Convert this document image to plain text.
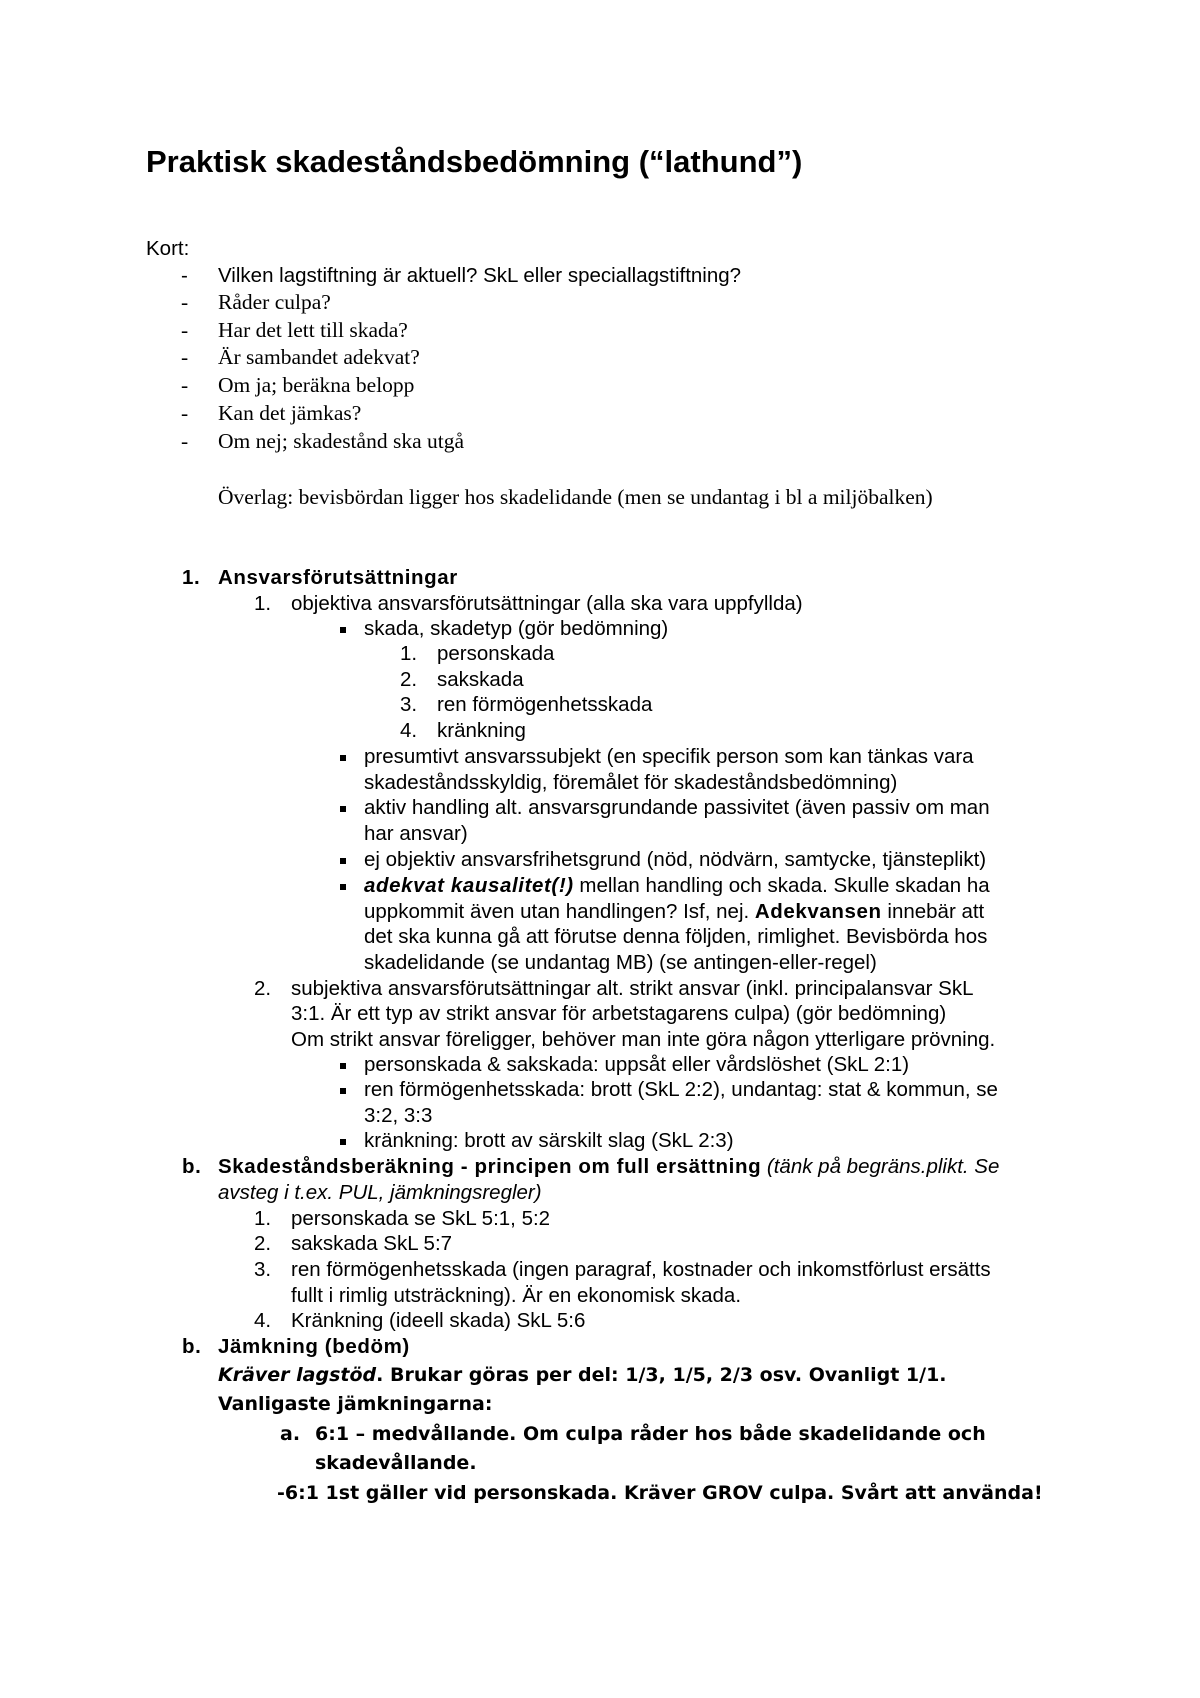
Praktisk skadeståndsbedömning (“lathund”)
Kort:
- Vilken lagstiftning är aktuell? SkL eller speciallagstiftning?
- Råder culpa?
- Har det lett till skada?
- Är sambandet adekvat?
- Om ja; beräkna belopp
- Kan det jämkas?
- Om nej; skadestånd ska utgå
Överlag: bevisbördan ligger hos skadelidande (men se undantag i bl a miljöbalken)
1. Ansvarsförutsättningar
1. objektiva ansvarsförutsättningar (alla ska vara uppfyllda)
skada, skadetyp (gör bedömning)
1. personskada
2. sakskada
3. ren förmögenhetsskada
4. kränkning
presumtivt ansvarssubjekt (en specifik person som kan tänkas vara
skadeståndsskyldig, föremålet för skadeståndsbedömning)
aktiv handling alt. ansvarsgrundande passivitet (även passiv om man
har ansvar)
ej objektiv ansvarsfrihetsgrund (nöd, nödvärn, samtycke, tjänsteplikt)
adekvat kausalitet(!) mellan handling och skada. Skulle skadan ha
uppkommit även utan handlingen? Isf, nej. Adekvansen innebär att
det ska kunna gå att förutse denna följden, rimlighet. Bevisbörda hos
skadelidande (se undantag MB) (se antingen-eller-regel)
2. subjektiva ansvarsförutsättningar alt. strikt ansvar (inkl. principalansvar SkL
3:1. Är ett typ av strikt ansvar för arbetstagarens culpa) (gör bedömning)
Om strikt ansvar föreligger, behöver man inte göra någon ytterligare prövning.
personskada & sakskada: uppsåt eller vårdslöshet (SkL 2:1)
ren förmögenhetsskada: brott (SkL 2:2), undantag: stat & kommun, se
3:2, 3:3
kränkning: brott av särskilt slag (SkL 2:3)
b. Skadeståndsberäkning - principen om full ersättning (tänk på begräns.plikt. Se
avsteg i t.ex. PUL, jämkningsregler)
1. personskada se SkL 5:1, 5:2
2. sakskada SkL 5:7
3. ren förmögenhetsskada (ingen paragraf, kostnader och inkomstförlust ersätts
fullt i rimlig utsträckning). Är en ekonomisk skada.
4. Kränkning (ideell skada) SkL 5:6
b. Jämkning (bedöm)
Kräver lagstöd. Brukar göras per del: 1/3, 1/5, 2/3 osv. Ovanligt 1/1.
Vanligaste jämkningarna:
a. 6:1 – medvållande. Om culpa råder hos både skadelidande och
skadevållande.
-6:1 1st gäller vid personskada. Kräver GROV culpa. Svårt att använda!
